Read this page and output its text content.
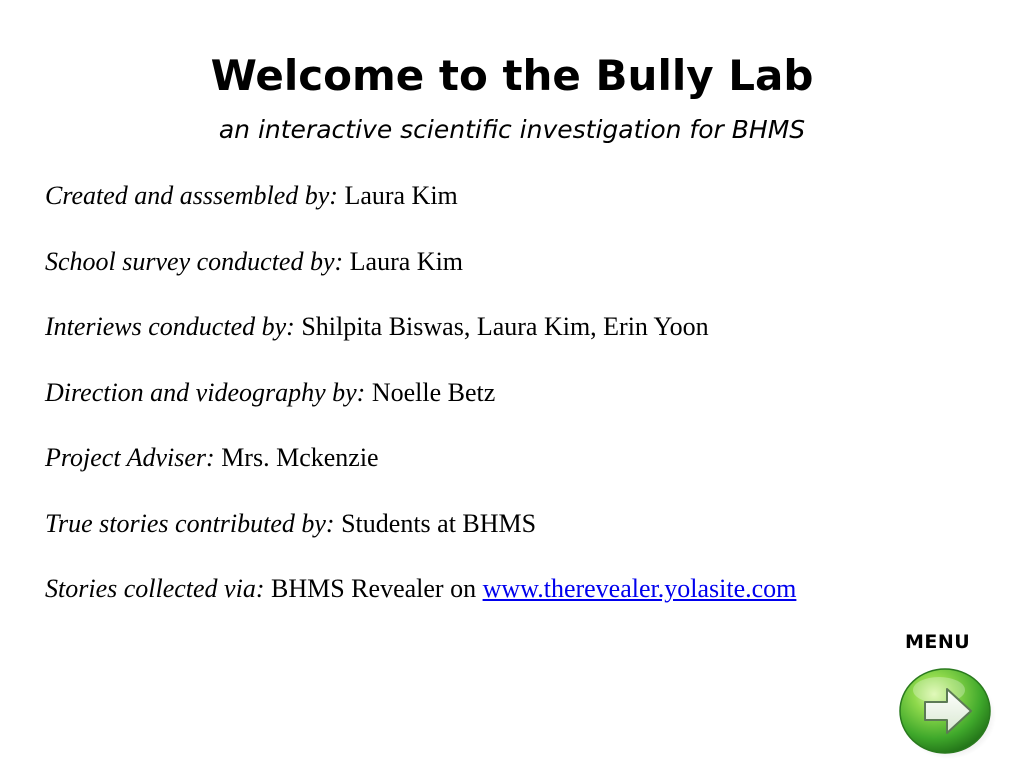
Welcome to the Bully Lab
an interactive scientific investigation for BHMS
Created and asssembled by: Laura Kim
School survey conducted by: Laura Kim
Interiews conducted by: Shilpita Biswas, Laura Kim, Erin Yoon
Direction and videography by: Noelle Betz
Project Adviser: Mrs. Mckenzie
True stories contributed by: Students at BHMS
Stories collected via: BHMS Revealer on www.therevealer.yolasite.com
MENU
